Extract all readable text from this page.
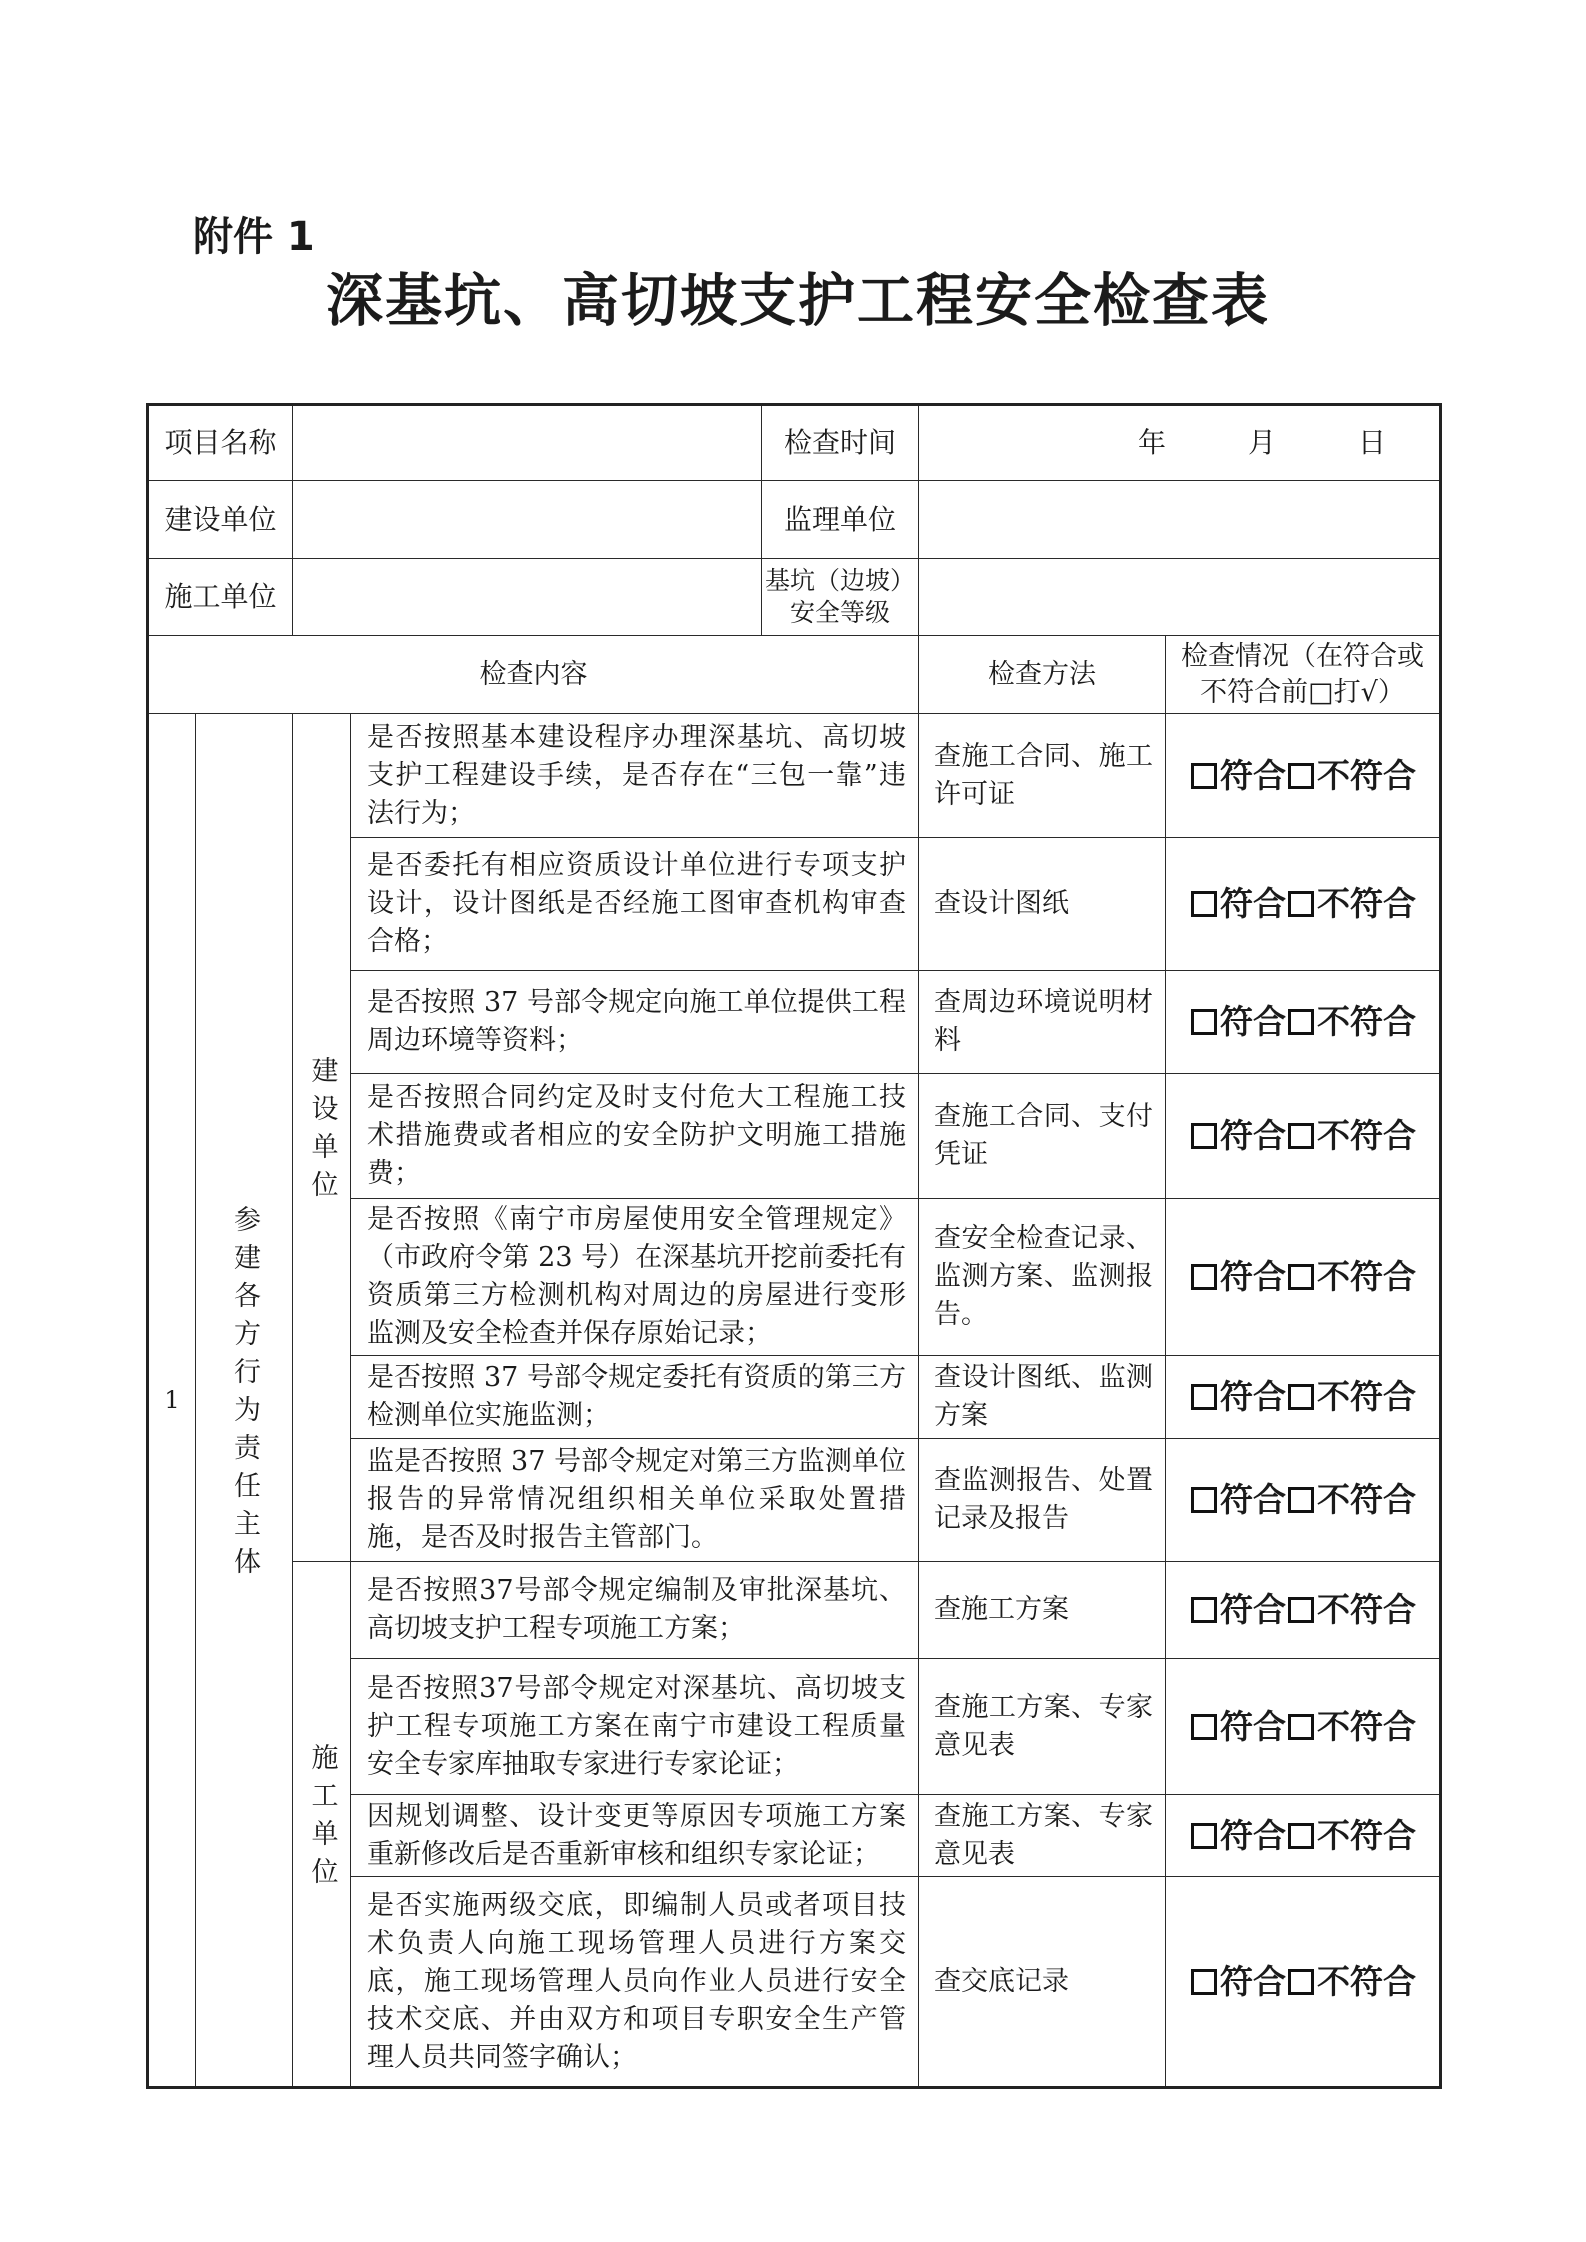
附件 1
深基坑、高切坡支护工程安全检查表
项目名称				检查时间	年 月 日	

建设单位				监理单位		
施工单位				基坑（边坡）安全等级		
检查内容					检查方法	检查情况（在符合或不符合前□打√）
1	参建各方行为责任主体	建设单位	是否按照基本建设程序办理深基坑、高切坡支护工程建设手续，是否存在“三包一靠”违法行为；		查施工合同、施工许可证	符合 不符合
			是否委托有相应资质设计单位进行专项支护设计，设计图纸是否经施工图审查机构审查合格；		查设计图纸	符合 不符合
			是否按照 37 号部令规定向施工单位提供工程周边环境等资料；		查周边环境说明材料	符合 不符合
			是否按照合同约定及时支付危大工程施工技术措施费或者相应的安全防护文明施工措施费；		查施工合同、支付凭证	符合 不符合
			是否按照《南宁市房屋使用安全管理规定》（市政府令第 23 号）在深基坑开挖前委托有资质第三方检测机构对周边的房屋进行变形监测及安全检查并保存原始记录；		查安全检查记录、监测方案、监测报告。	符合 不符合
			是否按照 37 号部令规定委托有资质的第三方检测单位实施监测；		查设计图纸、监测方案	符合 不符合
			监是否按照 37 号部令规定对第三方监测单位报告的异常情况组织相关单位采取处置措施，是否及时报告主管部门。		查监测报告、处置记录及报告	符合 不符合
		施工单位	是否按照37号部令规定编制及审批深基坑、高切坡支护工程专项施工方案；		查施工方案	符合 不符合
			是否按照37号部令规定对深基坑、高切坡支护工程专项施工方案在南宁市建设工程质量安全专家库抽取专家进行专家论证；		查施工方案、专家意见表	符合 不符合
			因规划调整、设计变更等原因专项施工方案重新修改后是否重新审核和组织专家论证；		查施工方案、专家意见表	符合 不符合
			是否实施两级交底，即编制人员或者项目技术负责人向施工现场管理人员进行方案交底，施工现场管理人员向作业人员进行安全技术交底、并由双方和项目专职安全生产管理人员共同签字确认；		查交底记录	符合 不符合
